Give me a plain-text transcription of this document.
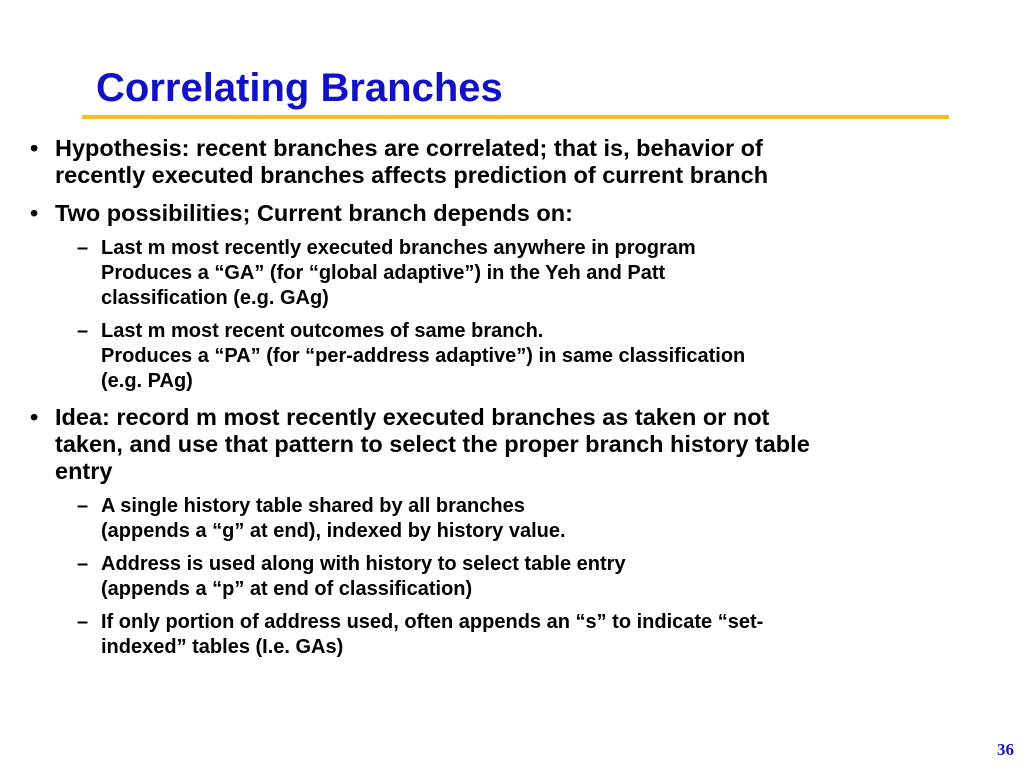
Correlating Branches
• Hypothesis: recent branches are correlated; that is, behavior of
recently executed branches affects prediction of current branch
• Two possibilities; Current branch depends on:
– Last m most recently executed branches anywhere in program
Produces a “GA” (for “global adaptive”) in the Yeh and Patt
classification (e.g. GAg)
– Last m most recent outcomes of same branch.
Produces a “PA” (for “per-address adaptive”) in same classification
(e.g. PAg)
• Idea: record m most recently executed branches as taken or not
taken, and use that pattern to select the proper branch history table
entry
– A single history table shared by all branches
(appends a “g” at end), indexed by history value.
– Address is used along with history to select table entry
(appends a “p” at end of classification)
– If only portion of address used, often appends an “s” to indicate “set-
indexed” tables (I.e. GAs)
36
